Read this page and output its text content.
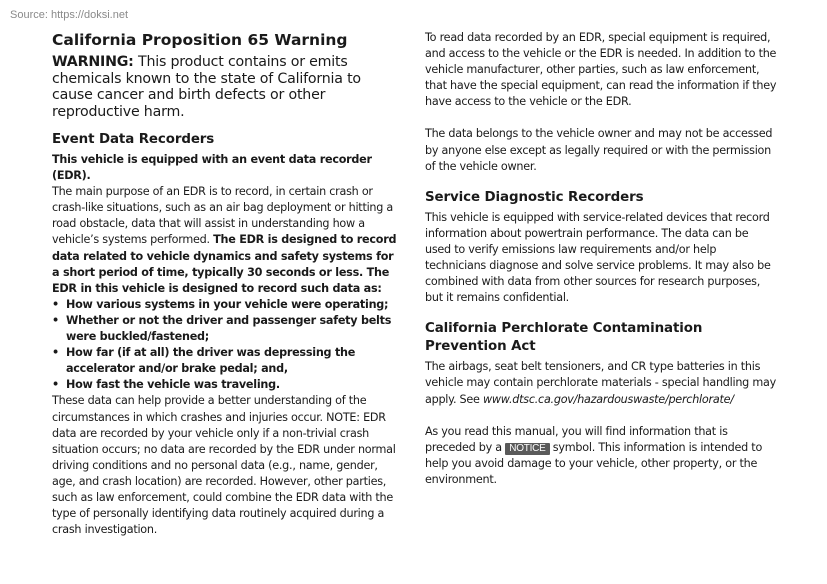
Source: https://doksi.net
California Proposition 65 Warning
WARNING: This product contains or emits chemicals known to the state of California to cause cancer and birth defects or other reproductive harm.
Event Data Recorders
This vehicle is equipped with an event data recorder (EDR).

The main purpose of an EDR is to record, in certain crash or crash-like situations, such as an air bag deployment or hitting a road obstacle, data that will assist in understanding how a vehicle’s systems performed. The EDR is designed to record data related to vehicle dynamics and safety systems for a short period of time, typically 30 seconds or less. The EDR in this vehicle is designed to record such data as:

• How various systems in your vehicle were operating;
• Whether or not the driver and passenger safety belts were buckled/fastened;
• How far (if at all) the driver was depressing the accelerator and/or brake pedal; and,
• How fast the vehicle was traveling.

These data can help provide a better understanding of the circumstances in which crashes and injuries occur. NOTE: EDR data are recorded by your vehicle only if a non-trivial crash situation occurs; no data are recorded by the EDR under normal driving conditions and no personal data (e.g., name, gender, age, and crash location) are recorded. However, other parties, such as law enforcement, could combine the EDR data with the type of personally identifying data routinely acquired during a crash investigation.

To read data recorded by an EDR, special equipment is required, and access to the vehicle or the EDR is needed. In addition to the vehicle manufacturer, other parties, such as law enforcement, that have the special equipment, can read the information if they have access to the vehicle or the EDR.

The data belongs to the vehicle owner and may not be accessed by anyone else except as legally required or with the permission of the vehicle owner.

Service Diagnostic Recorders

This vehicle is equipped with service-related devices that record information about powertrain performance. The data can be used to verify emissions law requirements and/or help technicians diagnose and solve service problems. It may also be combined with data from other sources for research purposes, but it remains confidential.

California Perchlorate Contamination Prevention Act

The airbags, seat belt tensioners, and CR type batteries in this vehicle may contain perchlorate materials - special handling may apply. See www.dtsc.ca.gov/hazardouswaste/perchlorate/

As you read this manual, you will find information that is preceded by a NOTICE symbol. This information is intended to help you avoid damage to your vehicle, other property, or the environment.
